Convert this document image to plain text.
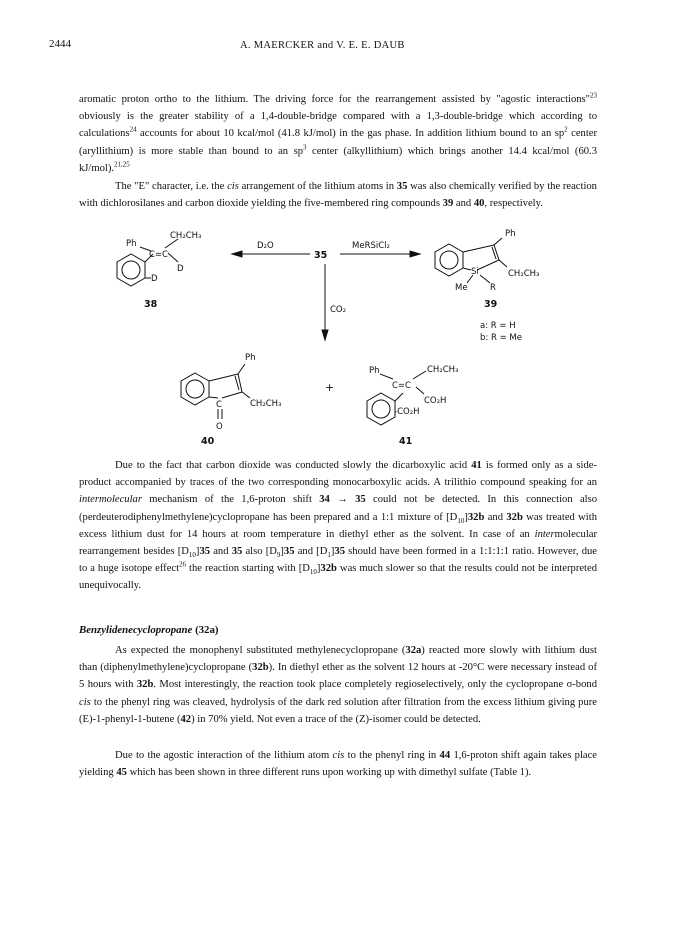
2444	A. MAERCKER and V. E. E. DAUB

aromatic proton ortho to the lithium. The driving force for the rearrangement assisted by "agostic interactions"$^{23}$ obviously is the greater stability of a 1,4-double-bridge compared with a 1,3-double-bridge which according to calculations$^{24}$ accounts for about 10 kcal/mol (41.8 kJ/mol) in the gas phase. In addition lithium bound to an $sp^2$ center (aryllithium) is more stable than bound to an $sp^3$ center (alkyllithium) which brings another 14.4 kcal/mol (60.3 kJ/mol).$^{21,25}$

The "E" character, i.e. the cis arrangement of the lithium atoms in 35 was also chemically verified by the reaction with dichlorosilanes and carbon dioxide yielding the five-membered ring compounds 39 and 40, respectively.

Ph
CH₂CH₃
C=C
D
D
38
D₂O
35
MeRSiCl₂
CO₂
Ph
Si	CH₂CH₃
Me	R
39
a: R = H
b: R = Me
Ph
C
O
CH₂CH₃
40
+
Ph	CH₂CH₃
C=C
CO₂H
-CO₂H
41

Due to the fact that carbon dioxide was conducted slowly the dicarboxylic acid 41 is formed only as a side-product accompanied by traces of the two corresponding monocarboxylic acids. A trilithio compound speaking for an intermolecular mechanism of the 1,6-proton shift 34 → 35 could not be detected. In this connection also (perdeuterodiphenylmethylene)cyclopropane has been prepared and a 1:1 mixture of $[D_{10}]32b$ and 32b was treated with excess lithium dust for 14 hours at room temperature in diethyl ether as the solvent. In case of an intermolecular rearrangement besides $[D_{10}]35$ and 35 also $[D_9]35$ and $[D_1]35$ should have been formed in a 1:1:1:1 ratio. However, due to a huge isotope effect$^{26}$ the reaction starting with $[D_{10}]32b$ was much slower so that the results could not be interpreted unequivocally.

Benzylidenecyclopropane (32a)

As expected the monophenyl substituted methylenecyclopropane (32a) reacted more slowly with lithium dust than (diphenylmethylene)cyclopropane (32b). In diethyl ether as the solvent 12 hours at -20°C were necessary instead of 5 hours with 32b. Most interestingly, the reaction took place completely regioselectively, only the cyclopropane σ-bond cis to the phenyl ring was cleaved, hydrolysis of the dark red solution after filtration from the excess lithium giving pure (E)-1-phenyl-1-butene (42) in 70% yield. Not even a trace of the (Z)-isomer could be detected.

Due to the agostic interaction of the lithium atom cis to the phenyl ring in 44 1,6-proton shift again takes place yielding 45 which has been shown in three different runs upon working up with dimethyl sulfate (Table 1).
